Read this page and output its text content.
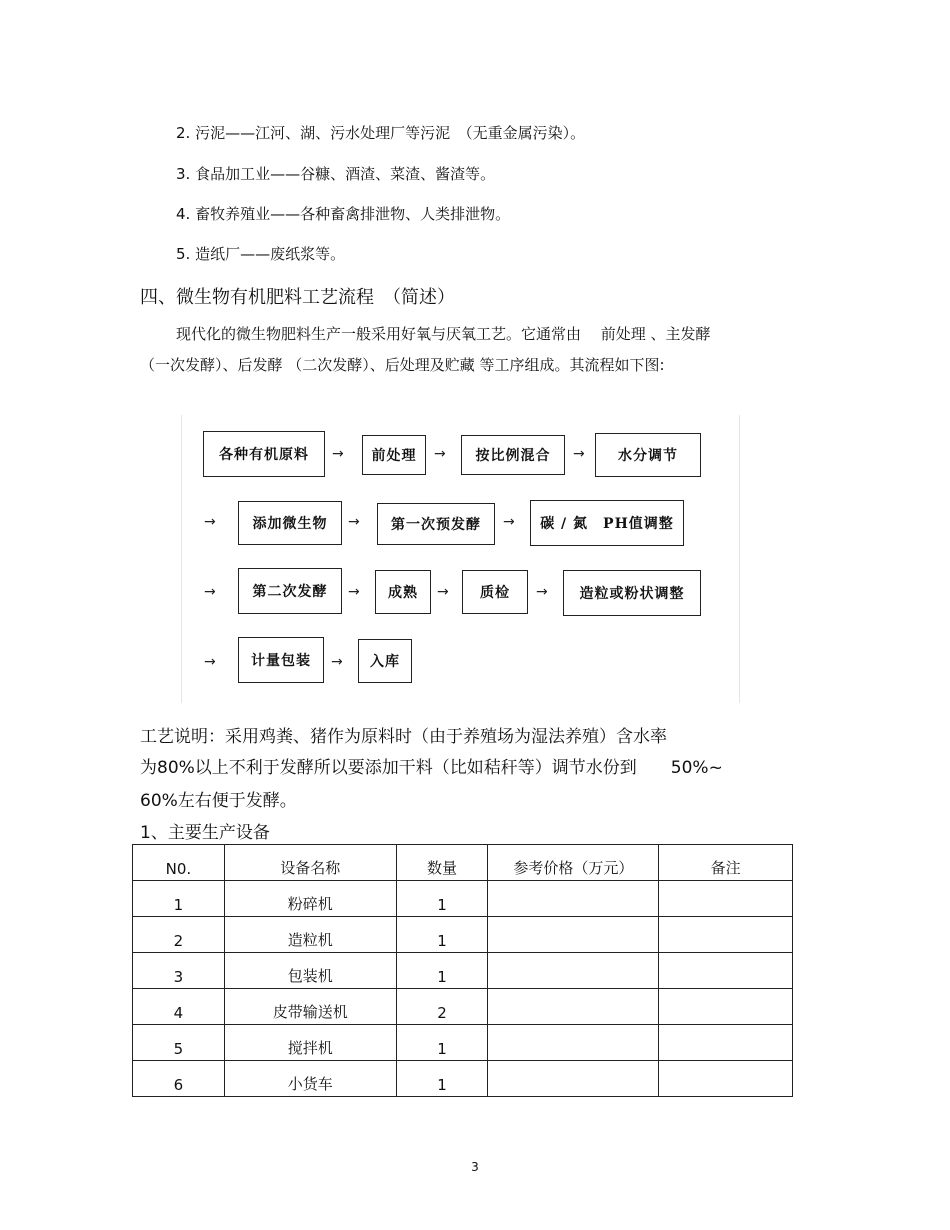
2. 污泥——江河、湖、污水处理厂等污泥　（无重金属污染）。
3. 食品加工业——谷糠、酒渣、菜渣、酱渣等。
4. 畜牧养殖业——各种畜禽排泄物、人类排泄物。
5. 造纸厂——废纸浆等。
四、微生物有机肥料工艺流程　（简述）
现代化的微生物肥料生产一般采用好氧与厌氧工艺。它通常由　 前处理 、主发酵
（一次发酵）、后发酵 （二次发酵）、后处理及贮藏 等工序组成。其流程如下图:
各种有机原料	→	前处理	→	按比例混合	→	水分调节
→	添加微生物	→	第一次预发酵	→	碳 / 氮　PH值调整
→	第二次发酵	→	成熟	→	质检	→	造粒或粉状调整
→	计量包装	→	入库
工艺说明：采用鸡粪、猪作为原料时（由于养殖场为湿法养殖）含水率
为80%以上不利于发酵所以要添加干料（比如秸秆等）调节水份到　　50%~
60%左右便于发酵。
1、主要生产设备
N0.	设备名称	数量	参考价格（万元）	备注
1	粉碎机	1		
2	造粒机	1		
3	包装机	1		
4	皮带输送机	2		
5	搅拌机	1		
6	小货车	1		
3
